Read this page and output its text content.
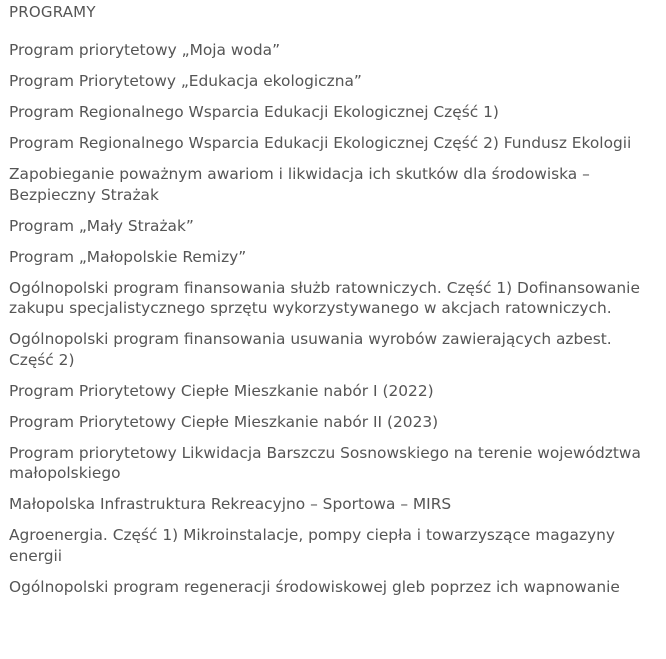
PROGRAMY
Program priorytetowy „Moja woda”
Program Priorytetowy „Edukacja ekologiczna”
Program Regionalnego Wsparcia Edukacji Ekologicznej Część 1)
Program Regionalnego Wsparcia Edukacji Ekologicznej Część 2) Fundusz Ekologii
Zapobieganie poważnym awariom i likwidacja ich skutków dla środowiska – Bezpieczny Strażak
Program „Mały Strażak”
Program „Małopolskie Remizy”
Ogólnopolski program finansowania służb ratowniczych. Część 1) Dofinansowanie zakupu specjalistycznego sprzętu wykorzystywanego w akcjach ratowniczych.
Ogólnopolski program finansowania usuwania wyrobów zawierających azbest. Część 2)
Program Priorytetowy Ciepłe Mieszkanie nabór I (2022)
Program Priorytetowy Ciepłe Mieszkanie nabór II (2023)
Program priorytetowy Likwidacja Barszczu Sosnowskiego na terenie województwa małopolskiego
Małopolska Infrastruktura Rekreacyjno – Sportowa – MIRS
Agroenergia. Część 1) Mikroinstalacje, pompy ciepła i towarzyszące magazyny energii
Ogólnopolski program regeneracji środowiskowej gleb poprzez ich wapnowanie
